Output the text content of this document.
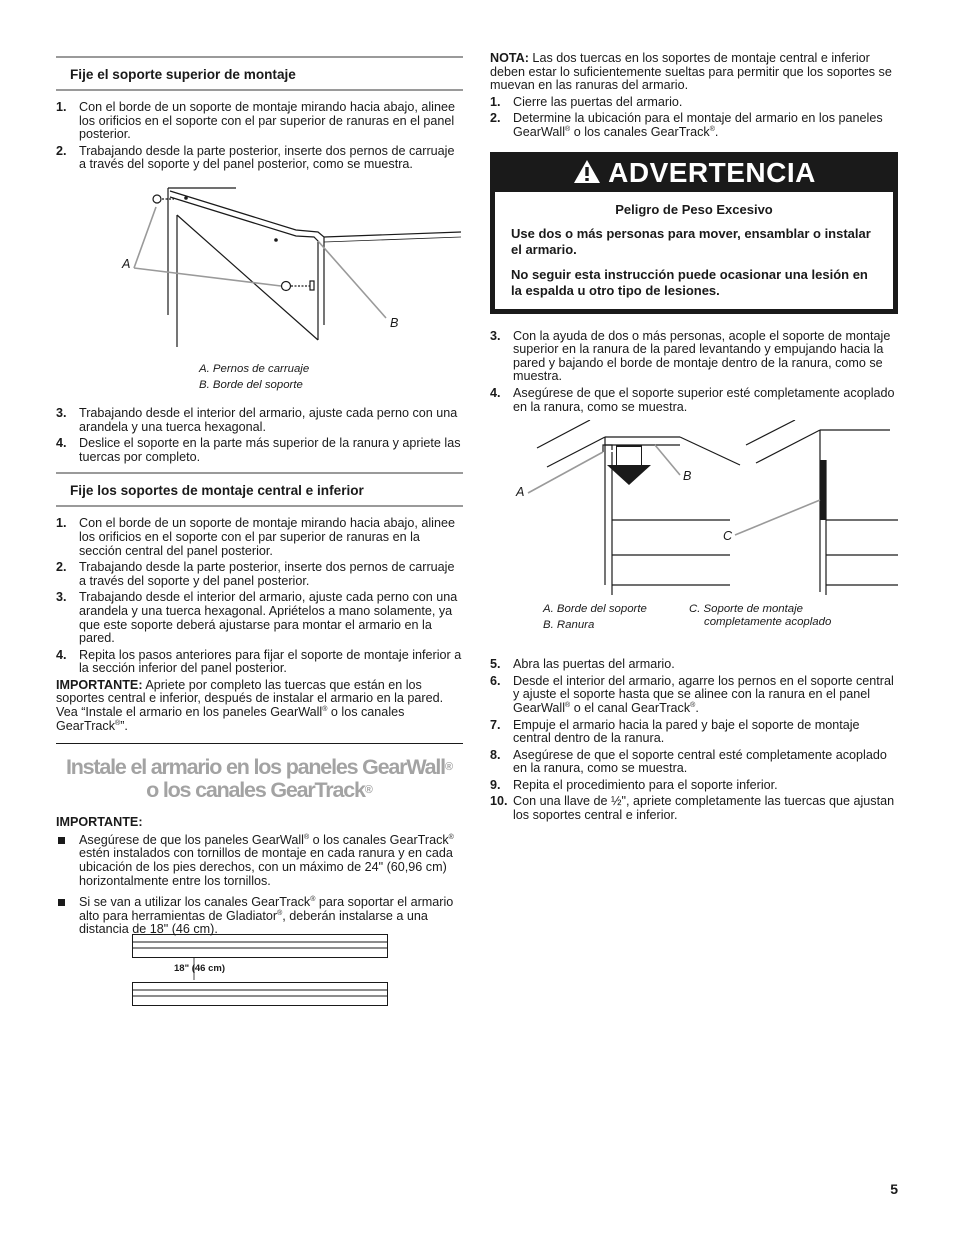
Fije el soporte superior de montaje
1. Con el borde de un soporte de montaje mirando hacia abajo, alinee los orificios en el soporte con el par superior de ranuras en el panel posterior.
2. Trabajando desde la parte posterior, inserte dos pernos de carruaje a través del soporte y del panel posterior, como se muestra.
A
B
A. Pernos de carruaje
B. Borde del soporte
3. Trabajando desde el interior del armario, ajuste cada perno con una arandela y una tuerca hexagonal.
4. Deslice el soporte en la parte más superior de la ranura y apriete las tuercas por completo.
Fije los soportes de montaje central e inferior
1. Con el borde de un soporte de montaje mirando hacia abajo, alinee los orificios en el soporte con el par superior de ranuras en la sección central del panel posterior.
2. Trabajando desde la parte posterior, inserte dos pernos de carruaje a través del soporte y del panel posterior.
3. Trabajando desde el interior del armario, ajuste cada perno con una arandela y una tuerca hexagonal. Apriételos a mano solamente, ya que este soporte deberá ajustarse para montar el armario en la pared.
4. Repita los pasos anteriores para fijar el soporte de montaje inferior a la sección inferior del panel posterior.
IMPORTANTE: Apriete por completo las tuercas que están en los soportes central e inferior, después de instalar el armario en la pared. Vea “Instale el armario en los paneles GearWall® o los canales GearTrack®”.
Instale el armario en los paneles GearWall®
o los canales GearTrack®
IMPORTANTE:
Asegúrese de que los paneles GearWall® o los canales GearTrack® estén instalados con tornillos de montaje en cada ranura y en cada ubicación de los pies derechos, con un máximo de 24" (60,96 cm) horizontalmente entre los tornillos.
Si se van a utilizar los canales GearTrack® para soportar el armario alto para herramientas de Gladiator®, deberán instalarse a una distancia de 18" (46 cm).
18" (46 cm)
NOTA: Las dos tuercas en los soportes de montaje central e inferior deben estar lo suficientemente sueltas para permitir que los soportes se muevan en las ranuras del armario.
1. Cierre las puertas del armario.
2. Determine la ubicación para el montaje del armario en los paneles GearWall® o los canales GearTrack®.
ADVERTENCIA
Peligro de Peso Excesivo
Use dos o más personas para mover, ensamblar o instalar el armario.
No seguir esta instrucción puede ocasionar una lesión en la espalda u otro tipo de lesiones.
3. Con la ayuda de dos o más personas, acople el soporte de montaje superior en la ranura de la pared levantando y empujando hacia la pared y bajando el borde de montaje dentro de la ranura, como se muestra.
4. Asegúrese de que el soporte superior esté completamente acoplado en la ranura, como se muestra.
A
B
C
A. Borde del soporte
B. Ranura
C. Soporte de montaje
completamente acoplado
5. Abra las puertas del armario.
6. Desde el interior del armario, agarre los pernos en el soporte central y ajuste el soporte hasta que se alinee con la ranura en el panel GearWall® o el canal GearTrack®.
7. Empuje el armario hacia la pared y baje el soporte de montaje central dentro de la ranura.
8. Asegúrese de que el soporte central esté completamente acoplado en la ranura, como se muestra.
9. Repita el procedimiento para el soporte inferior.
10. Con una llave de ½", apriete completamente las tuercas que ajustan los soportes central e inferior.
5
